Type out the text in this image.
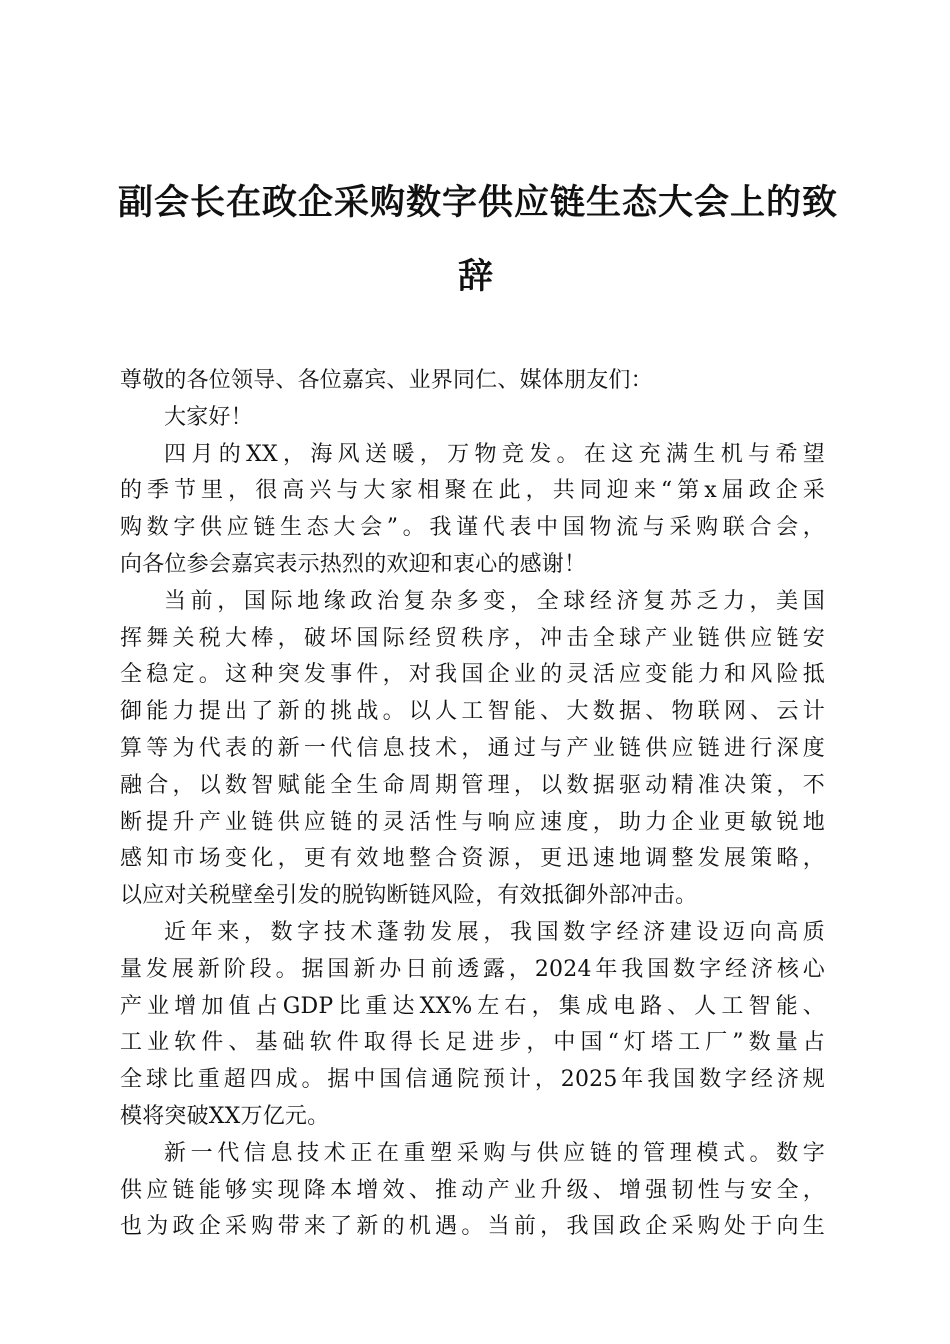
副会长在政企采购数字供应链生态大会上的致
辞
尊敬的各位领导、各位嘉宾、业界同仁、媒体朋友们：
大家好！
四月的XX，海风送暖，万物竞发。在这充满生机与希望
的季节里，很高兴与大家相聚在此，共同迎来“第x届政企采
购数字供应链生态大会”。我谨代表中国物流与采购联合会，
向各位参会嘉宾表示热烈的欢迎和衷心的感谢！
当前，国际地缘政治复杂多变，全球经济复苏乏力，美国
挥舞关税大棒，破坏国际经贸秩序，冲击全球产业链供应链安
全稳定。这种突发事件，对我国企业的灵活应变能力和风险抵
御能力提出了新的挑战。以人工智能、大数据、物联网、云计
算等为代表的新一代信息技术，通过与产业链供应链进行深度
融合，以数智赋能全生命周期管理，以数据驱动精准决策，不
断提升产业链供应链的灵活性与响应速度，助力企业更敏锐地
感知市场变化，更有效地整合资源，更迅速地调整发展策略，
以应对关税壁垒引发的脱钩断链风险，有效抵御外部冲击。
近年来，数字技术蓬勃发展，我国数字经济建设迈向高质
量发展新阶段。据国新办日前透露，2024年我国数字经济核心
产业增加值占GDP比重达XX%左右，集成电路、人工智能、
工业软件、基础软件取得长足进步，中国“灯塔工厂”数量占
全球比重超四成。据中国信通院预计，2025年我国数字经济规
模将突破XX万亿元。
新一代信息技术正在重塑采购与供应链的管理模式。数字
供应链能够实现降本增效、推动产业升级、增强韧性与安全，
也为政企采购带来了新的机遇。当前，我国政企采购处于向生
